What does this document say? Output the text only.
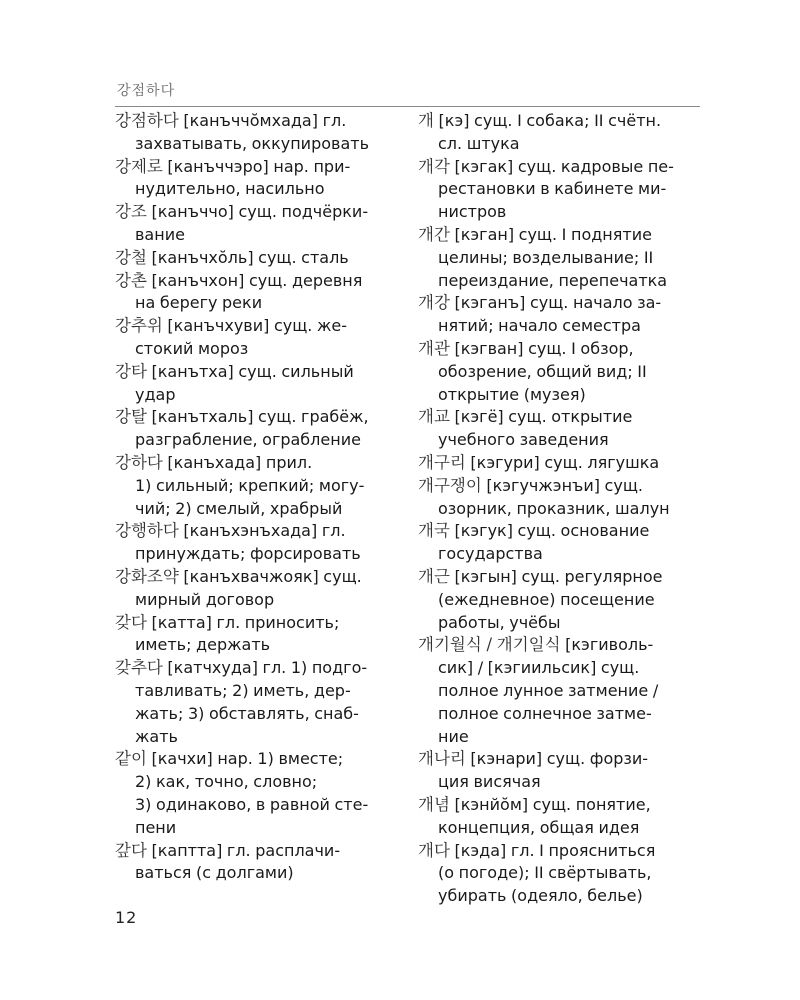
강점하다
강점하다 [канъччŏмхада] гл.
захватывать, оккупировать
강제로 [канъччэро] нар. при-
нудительно, насильно
강조 [канъччо] сущ. подчёрки-
вание
강철 [канъчхŏль] сущ. сталь
강촌 [канъчхон] сущ. деревня
на берегу реки
강추위 [канъчхуви] сущ. же-
стокий мороз
강타 [канътха] сущ. сильный
удар
강탈 [канътхаль] сущ. грабёж,
разграбление, ограбление
강하다 [канъхада] прил.
1) сильный; крепкий; могу-
чий; 2) смелый, храбрый
강행하다 [канъхэнъхада] гл.
принуждать; форсировать
강화조약 [канъхвачжояк] сущ.
мирный договор
갖다 [катта] гл. приносить;
иметь; держать
갖추다 [катчхуда] гл. 1) подго-
тавливать; 2) иметь, дер-
жать; 3) обставлять, снаб-
жать
같이 [качхи] нар. 1) вместе;
2) как, точно, словно;
3) одинаково, в равной сте-
пени
갚다 [каптта] гл. расплачи-
ваться (с долгами)
개 [кэ] сущ. I собака; II счётн.
сл. штука
개각 [кэгак] сущ. кадровые пе-
рестановки в кабинете ми-
нистров
개간 [кэган] сущ. I поднятие
целины; возделывание; II
переиздание, перепечатка
개강 [кэганъ] сущ. начало за-
нятий; начало семестра
개관 [кэгван] сущ. I обзор,
обозрение, общий вид; II
открытие (музея)
개교 [кэгё] сущ. открытие
учебного заведения
개구리 [кэгури] сущ. лягушка
개구쟁이 [кэгучжэнъи] сущ.
озорник, проказник, шалун
개국 [кэгук] сущ. основание
государства
개근 [кэгын] сущ. регулярное
(ежедневное) посещение
работы, учёбы
개기월식 / 개기일식 [кэгиволь-
сик] / [кэгиильсик] сущ.
полное лунное затмение /
полное солнечное затме-
ние
개나리 [кэнари] сущ. форзи-
ция висячая
개념 [кэнйŏм] сущ. понятие,
концепция, общая идея
개다 [кэда] гл. I проясниться
(о погоде); II свёртывать,
убирать (одеяло, белье)
12
